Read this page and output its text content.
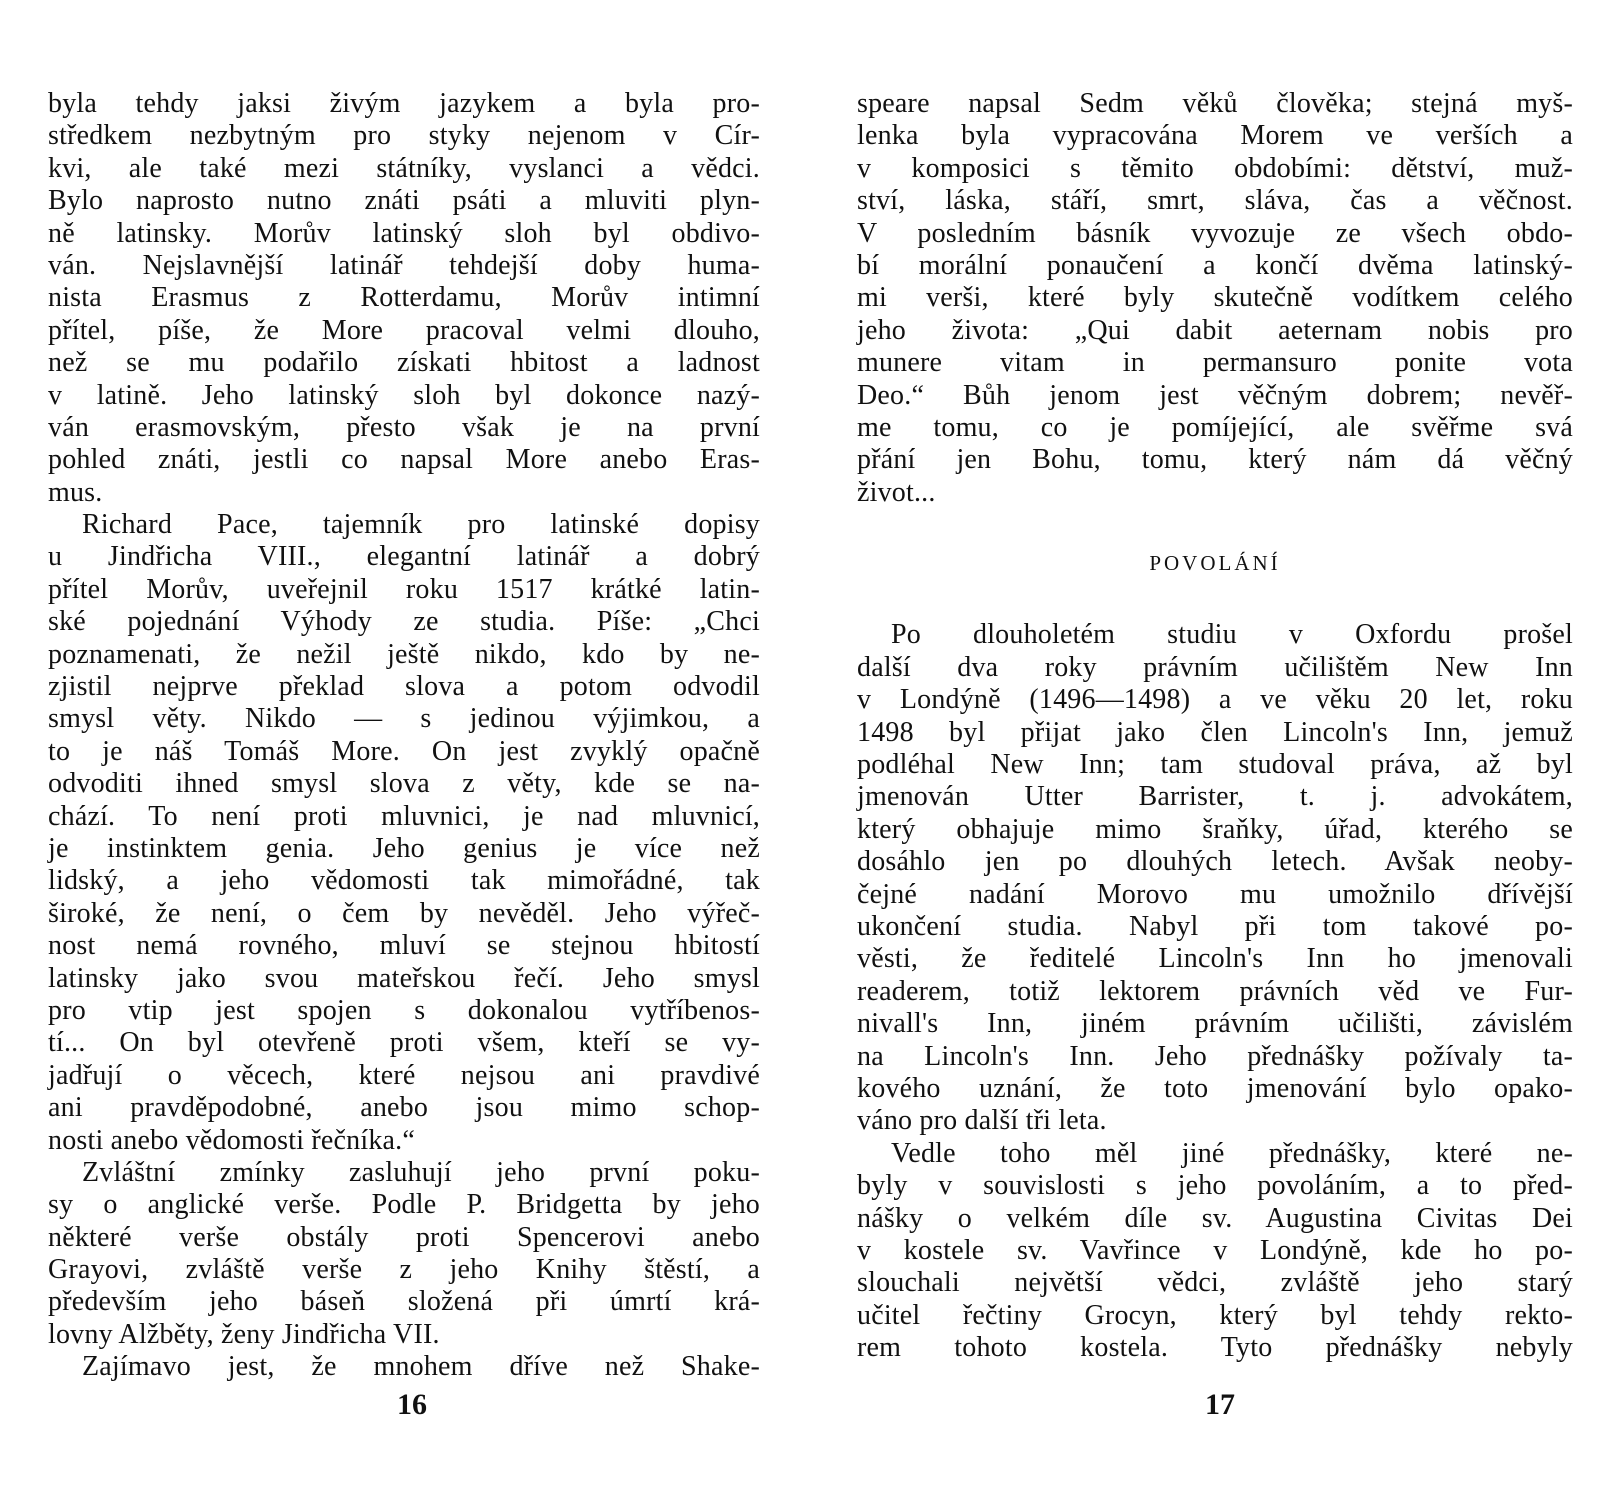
byla tehdy jaksi živým jazykem a byla pro-
středkem nezbytným pro styky nejenom v Cír-
kvi, ale také mezi státníky, vyslanci a vědci.
Bylo naprosto nutno znáti psáti a mluviti plyn-
ně latinsky. Morův latinský sloh byl obdivo-
ván. Nejslavnější latinář tehdejší doby huma-
nista Erasmus z Rotterdamu, Morův intimní
přítel, píše, že More pracoval velmi dlouho,
než se mu podařilo získati hbitost a ladnost
v latině. Jeho latinský sloh byl dokonce nazý-
ván erasmovským, přesto však je na první
pohled znáti, jestli co napsal More anebo Eras-
mus.
Richard Pace, tajemník pro latinské dopisy
u Jindřicha VIII., elegantní latinář a dobrý
přítel Morův, uveřejnil roku 1517 krátké latin-
ské pojednání Výhody ze studia. Píše: „Chci
poznamenati, že nežil ještě nikdo, kdo by ne-
zjistil nejprve překlad slova a potom odvodil
smysl věty. Nikdo — s jedinou výjimkou, a
to je náš Tomáš More. On jest zvyklý opačně
odvoditi ihned smysl slova z věty, kde se na-
chází. To není proti mluvnici, je nad mluvnicí,
je instinktem genia. Jeho genius je více než
lidský, a jeho vědomosti tak mimořádné, tak
široké, že není, o čem by nevěděl. Jeho výřeč-
nost nemá rovného, mluví se stejnou hbitostí
latinsky jako svou mateřskou řečí. Jeho smysl
pro vtip jest spojen s dokonalou vytříbenos-
tí... On byl otevřeně proti všem, kteří se vy-
jadřují o věcech, které nejsou ani pravdivé
ani pravděpodobné, anebo jsou mimo schop-
nosti anebo vědomosti řečníka.“
Zvláštní zmínky zasluhují jeho první poku-
sy o anglické verše. Podle P. Bridgetta by jeho
některé verše obstály proti Spencerovi anebo
Grayovi, zvláště verše z jeho Knihy štěstí, a
především jeho báseň složená při úmrtí krá-
lovny Alžběty, ženy Jindřicha VII.
Zajímavo jest, že mnohem dříve než Shake-
speare napsal Sedm věků člověka; stejná myš-
lenka byla vypracována Morem ve verších a
v komposici s těmito obdobími: dětství, muž-
ství, láska, stáří, smrt, sláva, čas a věčnost.
V posledním básník vyvozuje ze všech obdo-
bí morální ponaučení a končí dvěma latinský-
mi verši, které byly skutečně vodítkem celého
jeho života: „Qui dabit aeternam nobis pro
munere vitam in permansuro ponite vota
Deo.“ Bůh jenom jest věčným dobrem; nevěř-
me tomu, co je pomíjející, ale svěřme svá
přání jen Bohu, tomu, který nám dá věčný
život...
POVOLÁNÍ
Po dlouholetém studiu v Oxfordu prošel
další dva roky právním učilištěm New Inn
v Londýně (1496—1498) a ve věku 20 let, roku
1498 byl přijat jako člen Lincoln's Inn, jemuž
podléhal New Inn; tam studoval práva, až byl
jmenován Utter Barrister, t. j. advokátem,
který obhajuje mimo šraňky, úřad, kterého se
dosáhlo jen po dlouhých letech. Avšak neoby-
čejné nadání Morovo mu umožnilo dřívější
ukončení studia. Nabyl při tom takové po-
věsti, že ředitelé Lincoln's Inn ho jmenovali
readerem, totiž lektorem právních věd ve Fur-
nivall's Inn, jiném právním učilišti, závislém
na Lincoln's Inn. Jeho přednášky požívaly ta-
kového uznání, že toto jmenování bylo opako-
váno pro další tři leta.
Vedle toho měl jiné přednášky, které ne-
byly v souvislosti s jeho povoláním, a to před-
nášky o velkém díle sv. Augustina Civitas Dei
v kostele sv. Vavřince v Londýně, kde ho po-
slouchali největší vědci, zvláště jeho starý
učitel řečtiny Grocyn, který byl tehdy rekto-
rem tohoto kostela. Tyto přednášky nebyly
16	17
